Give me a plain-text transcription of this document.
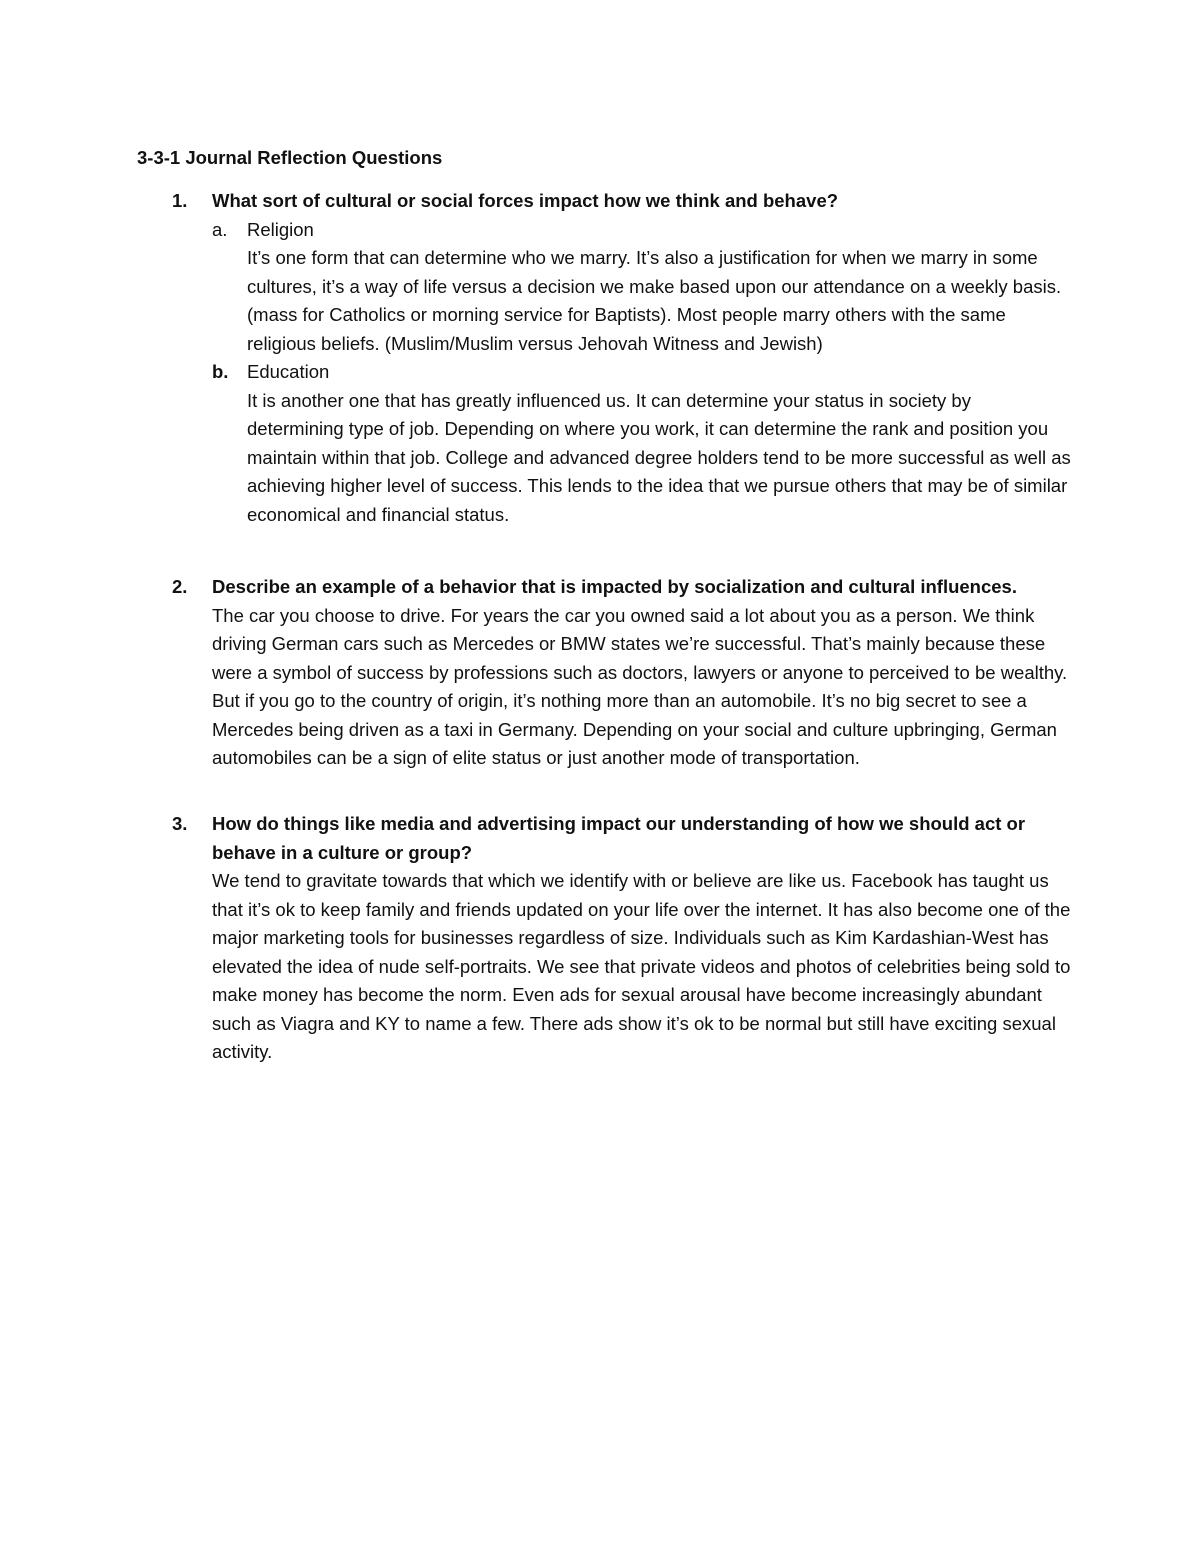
3-3-1 Journal Reflection Questions
1. What sort of cultural or social forces impact how we think and behave?

a. Religion

It’s one form that can determine who we marry. It’s also a justification for when we marry in some cultures, it’s a way of life versus a decision we make based upon our attendance on a weekly basis. (mass for Catholics or morning service for Baptists). Most people marry others with the same religious beliefs. (Muslim/Muslim versus Jehovah Witness and Jewish)

b. Education

It is another one that has greatly influenced us. It can determine your status in society by determining type of job. Depending on where you work, it can determine the rank and position you maintain within that job. College and advanced degree holders tend to be more successful as well as achieving higher level of success. This lends to the idea that we pursue others that may be of similar economical and financial status.

2. Describe an example of a behavior that is impacted by socialization and cultural influences.

The car you choose to drive. For years the car you owned said a lot about you as a person. We think driving German cars such as Mercedes or BMW states we’re successful. That’s mainly because these were a symbol of success by professions such as doctors, lawyers or anyone to perceived to be wealthy. But if you go to the country of origin, it’s nothing more than an automobile. It’s no big secret to see a Mercedes being driven as a taxi in Germany. Depending on your social and culture upbringing, German automobiles can be a sign of elite status or just another mode of transportation.

3. How do things like media and advertising impact our understanding of how we should act or behave in a culture or group?

We tend to gravitate towards that which we identify with or believe are like us. Facebook has taught us that it’s ok to keep family and friends updated on your life over the internet. It has also become one of the major marketing tools for businesses regardless of size. Individuals such as Kim Kardashian-West has elevated the idea of nude self-portraits. We see that private videos and photos of celebrities being sold to make money has become the norm. Even ads for sexual arousal have become increasingly abundant such as Viagra and KY to name a few. There ads show it’s ok to be normal but still have exciting sexual activity.
